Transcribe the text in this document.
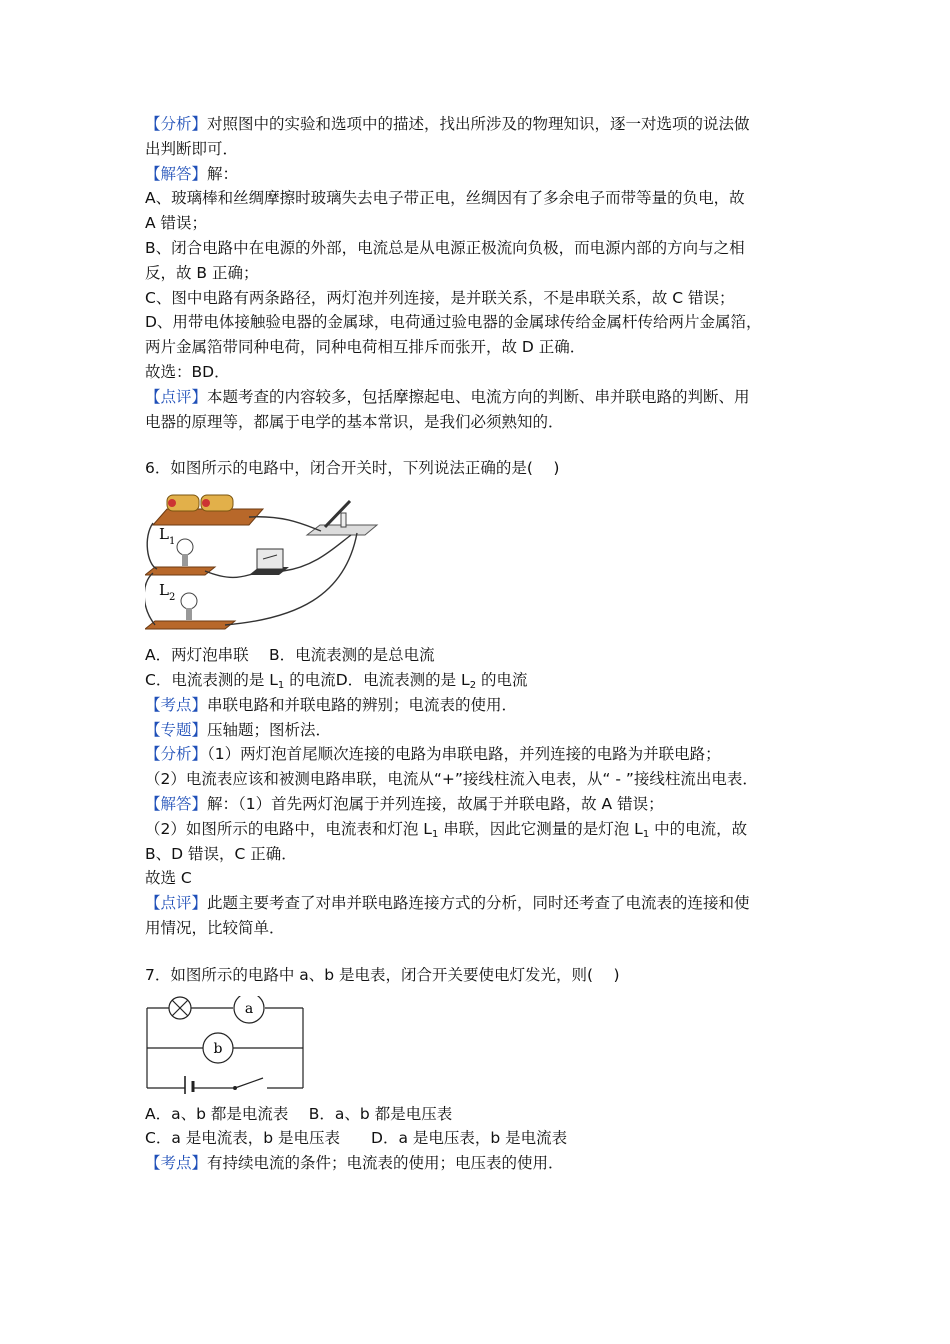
【分析】对照图中的实验和选项中的描述，找出所涉及的物理知识，逐一对选项的说法做
出判断即可．
【解答】解：
A、玻璃棒和丝绸摩擦时玻璃失去电子带正电，丝绸因有了多余电子而带等量的负电，故
A 错误；
B、闭合电路中在电源的外部，电流总是从电源正极流向负极，而电源内部的方向与之相
反，故 B 正确；
C、图中电路有两条路径，两灯泡并列连接，是并联关系，不是串联关系，故 C 错误；
D、用带电体接触验电器的金属球，电荷通过验电器的金属球传给金属杆传给两片金属箔，
两片金属箔带同种电荷，同种电荷相互排斥而张开，故 D 正确．
故选：BD．
【点评】本题考查的内容较多，包括摩擦起电、电流方向的判断、串并联电路的判断、用
电器的原理等，都属于电学的基本常识，是我们必须熟知的．
6．如图所示的电路中，闭合开关时，下列说法正确的是(　 )
L 1
L 2
A．两灯泡串联　 B．电流表测的是总电流
C．电流表测的是 $L_1$ 的电流D．电流表测的是 $L_2$ 的电流
【考点】串联电路和并联电路的辨别；电流表的使用．
【专题】压轴题；图析法．
【分析】（1）两灯泡首尾顺次连接的电路为串联电路，并列连接的电路为并联电路；
（2）电流表应该和被测电路串联，电流从“+”接线柱流入电表，从“ - ”接线柱流出电表．
【解答】解：（1）首先两灯泡属于并列连接，故属于并联电路，故 A 错误；
（2）如图所示的电路中，电流表和灯泡 $L_1$ 串联，因此它测量的是灯泡 $L_1$ 中的电流，故
B、D 错误，C 正确．
故选 C
【点评】此题主要考查了对串并联电路连接方式的分析，同时还考查了电流表的连接和使
用情况，比较简单．
7．如图所示的电路中 a、b 是电表，闭合开关要使电灯发光，则(　 )
a
b
A．a、b 都是电流表　 B．a、b 都是电压表
C．a 是电流表，b 是电压表　　D．a 是电压表，b 是电流表
【考点】有持续电流的条件；电流表的使用；电压表的使用．
